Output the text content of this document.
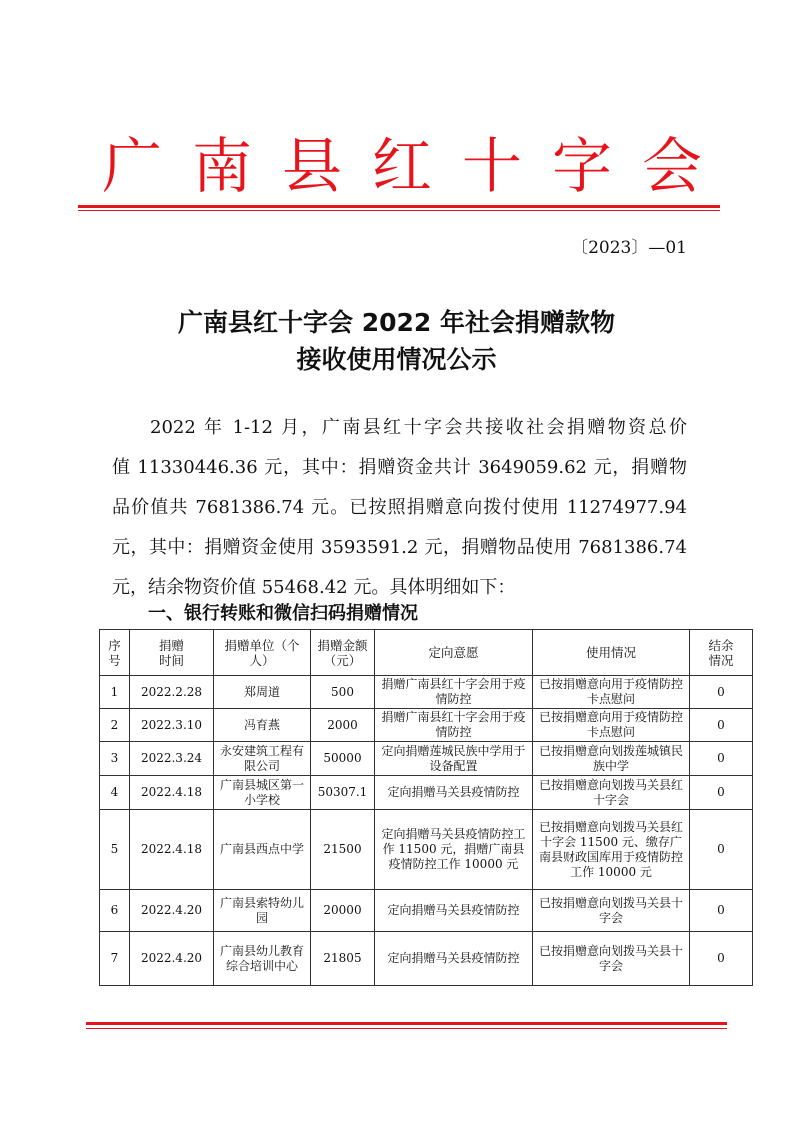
广 南 县 红 十 字 会
〔2023〕—01
广南县红十字会 2022 年社会捐赠款物
接收使用情况公示

2022 年 1-12 月，广南县红十字会共接收社会捐赠物资总价

值 11330446.36 元，其中：捐赠资金共计 3649059.62 元，捐赠物

品价值共 7681386.74 元。已按照捐赠意向拨付使用 11274977.94

元，其中：捐赠资金使用 3593591.2 元，捐赠物品使用 7681386.74

元，结余物资价值 55468.42 元。具体明细如下：

一、银行转账和微信扫码捐赠情况
序号	捐赠时间	捐赠单位（个人）	捐赠金额（元）	定向意愿	使用情况	结余情况
1	2022.2.28	郑周道	500	捐赠广南县红十字会用于疫情防控	已按捐赠意向用于疫情防控卡点慰问	0
2	2022.3.10	冯育燕	2000	捐赠广南县红十字会用于疫情防控	已按捐赠意向用于疫情防控卡点慰问	0
3	2022.3.24	永安建筑工程有限公司	50000	定向捐赠莲城民族中学用于设备配置	已按捐赠意向划拨莲城镇民族中学	0
4	2022.4.18	广南县城区第一小学校	50307.1	定向捐赠马关县疫情防控	已按捐赠意向划拨马关县红十字会	0
5	2022.4.18	广南县西点中学	21500	定向捐赠马关县疫情防控工作 11500 元，捐赠广南县疫情防控工作 10000 元	已按捐赠意向划拨马关县红十字会 11500 元、缴存广南县财政国库用于疫情防控工作 10000 元	0
6	2022.4.20	广南县索特幼儿园	20000	定向捐赠马关县疫情防控	已按捐赠意向划拨马关县十字会	0
7	2022.4.20	广南县幼儿教育综合培训中心	21805	定向捐赠马关县疫情防控	已按捐赠意向划拨马关县十字会	0
